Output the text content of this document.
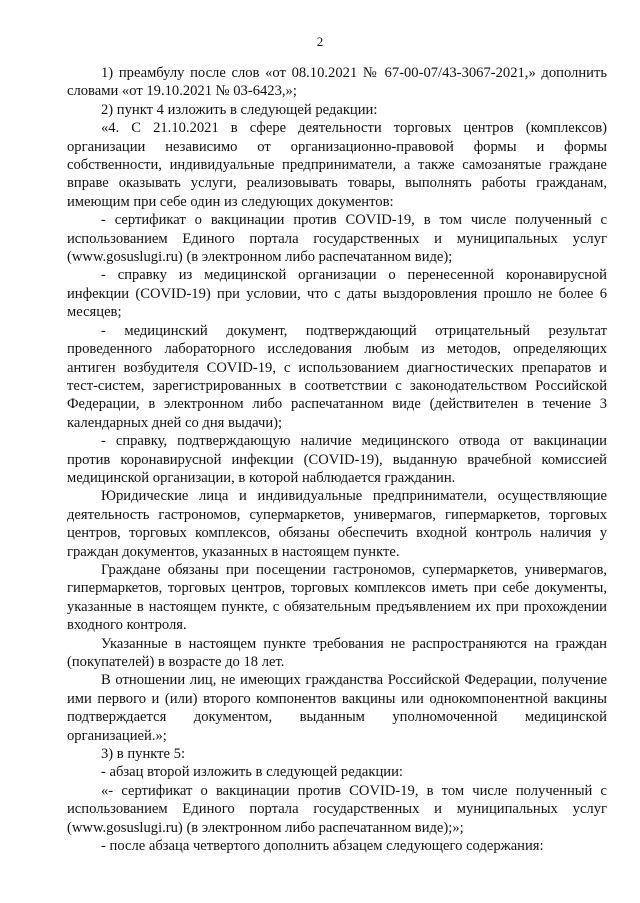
2

1) преамбулу после слов «от 08.10.2021 № 67-00-07/43-3067-2021,» дополнить словами «от 19.10.2021 № 03-6423,»;

2) пункт 4 изложить в следующей редакции:

«4. С 21.10.2021 в сфере деятельности торговых центров (комплексов) организации независимо от организационно-правовой формы и формы собственности, индивидуальные предприниматели, а также самозанятые граждане вправе оказывать услуги, реализовывать товары, выполнять работы гражданам, имеющим при себе один из следующих документов:

- сертификат о вакцинации против COVID-19, в том числе полученный с использованием Единого портала государственных и муниципальных услуг (www.gosuslugi.ru) (в электронном либо распечатанном виде);

- справку из медицинской организации о перенесенной коронавирусной инфекции (COVID-19) при условии, что с даты выздоровления прошло не более 6 месяцев;

- медицинский документ, подтверждающий отрицательный результат проведенного лабораторного исследования любым из методов, определяющих антиген возбудителя COVID-19, с использованием диагностических препаратов и тест-систем, зарегистрированных в соответствии с законодательством Российской Федерации, в электронном либо распечатанном виде (действителен в течение 3 календарных дней со дня выдачи);

- справку, подтверждающую наличие медицинского отвода от вакцинации против коронавирусной инфекции (COVID-19), выданную врачебной комиссией медицинской организации, в которой наблюдается гражданин.

Юридические лица и индивидуальные предприниматели, осуществляющие деятельность гастрономов, супермаркетов, универмагов, гипермаркетов, торговых центров, торговых комплексов, обязаны обеспечить входной контроль наличия у граждан документов, указанных в настоящем пункте.

Граждане обязаны при посещении гастрономов, супермаркетов, универмагов, гипермаркетов, торговых центров, торговых комплексов иметь при себе документы, указанные в настоящем пункте, с обязательным предъявлением их при прохождении входного контроля.

Указанные в настоящем пункте требования не распространяются на граждан (покупателей) в возрасте до 18 лет.

В отношении лиц, не имеющих гражданства Российской Федерации, получение ими первого и (или) второго компонентов вакцины или однокомпонентной вакцины подтверждается документом, выданным уполномоченной медицинской организацией.»;

3) в пункте 5:

- абзац второй изложить в следующей редакции:

«- сертификат о вакцинации против COVID-19, в том числе полученный с использованием Единого портала государственных и муниципальных услуг (www.gosuslugi.ru) (в электронном либо распечатанном виде);»;

- после абзаца четвертого дополнить абзацем следующего содержания:
